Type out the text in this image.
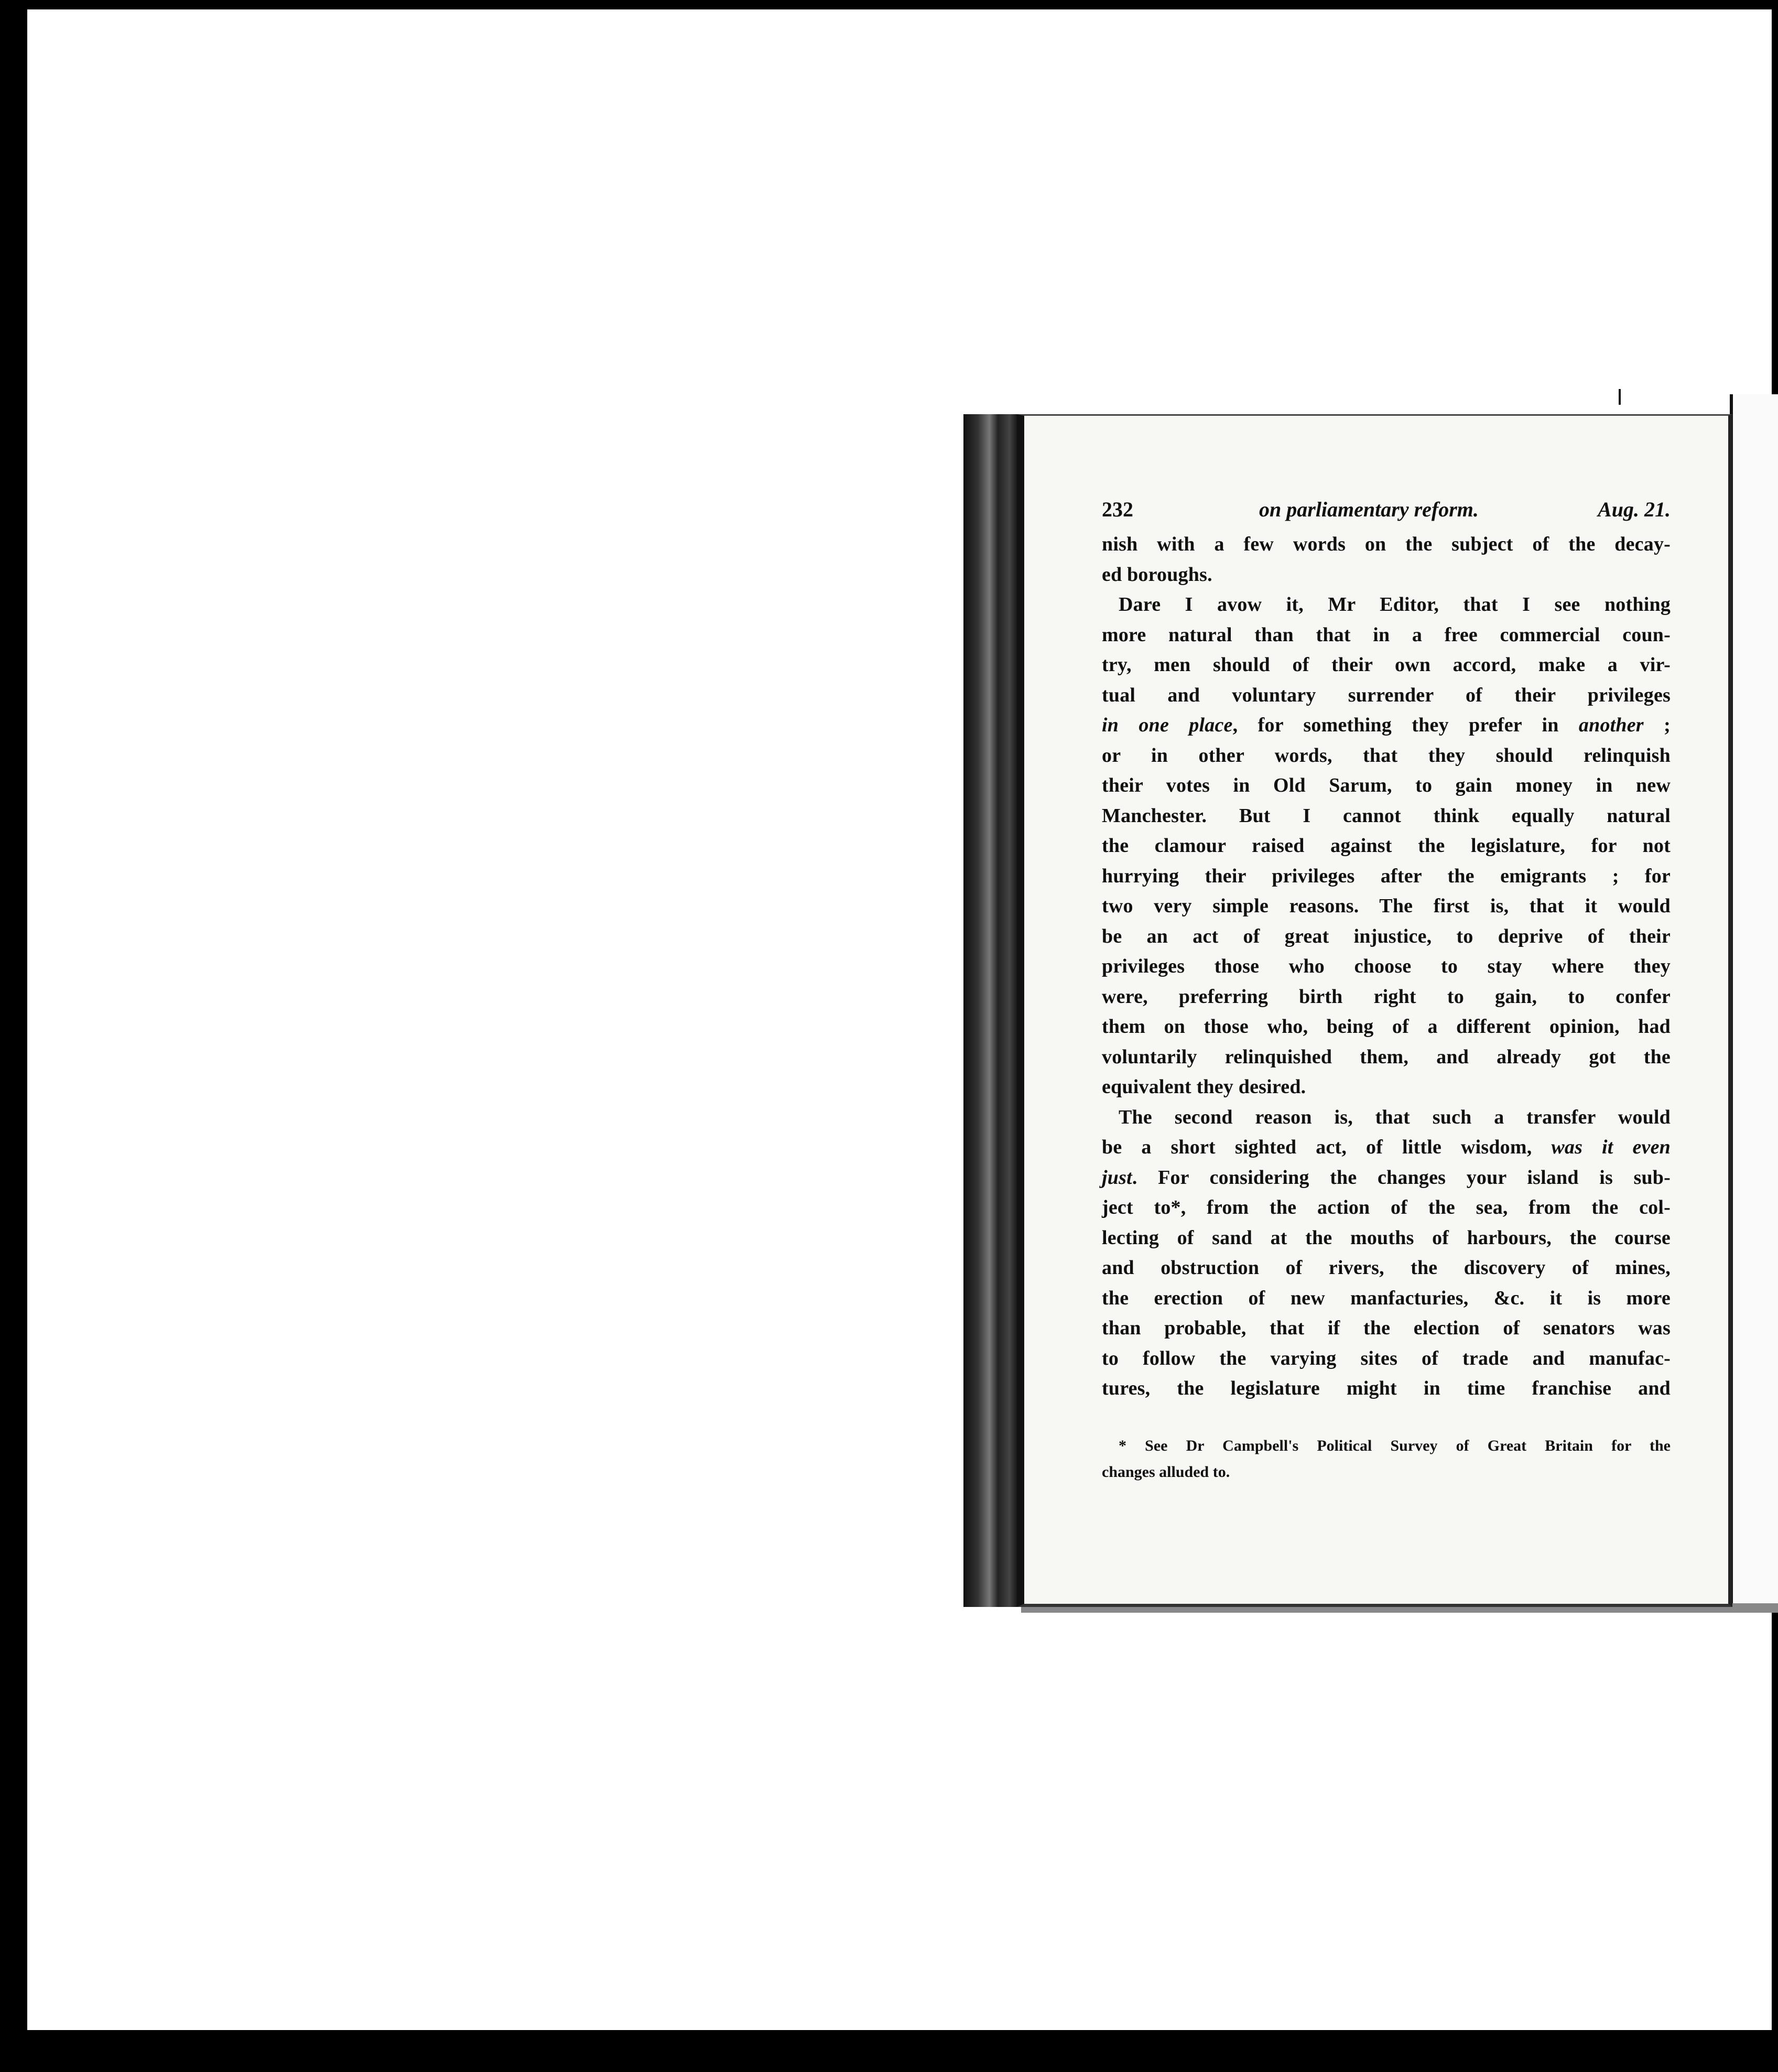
232	on parliamentary reform.	Aug. 21.
nish with a few words on the subject of the decay-
ed boroughs.
Dare I avow it, Mr Editor, that I see nothing
more natural than that in a free commercial coun-
try, men should of their own accord, make a vir-
tual and voluntary surrender of their privileges
in one place, for something they prefer in another ;
or in other words, that they should relinquish
their votes in Old Sarum, to gain money in new
Manchester. But I cannot think equally natural
the clamour raised against the legislature, for not
hurrying their privileges after the emigrants ; for
two very simple reasons. The first is, that it would
be an act of great injustice, to deprive of their
privileges those who choose to stay where they
were, preferring birth right to gain, to confer
them on those who, being of a different opinion, had
voluntarily relinquished them, and already got the
equivalent they desired.
The second reason is, that such a transfer would
be a short sighted act, of little wisdom, was it even
just. For considering the changes your island is sub-
ject to*, from the action of the sea, from the col-
lecting of sand at the mouths of harbours, the course
and obstruction of rivers, the discovery of mines,
the erection of new manfacturies, &c. it is more
than probable, that if the election of senators was
to follow the varying sites of trade and manufac-
tures, the legislature might in time franchise and
* See Dr Campbell's Political Survey of Great Britain for the
changes alluded to.
